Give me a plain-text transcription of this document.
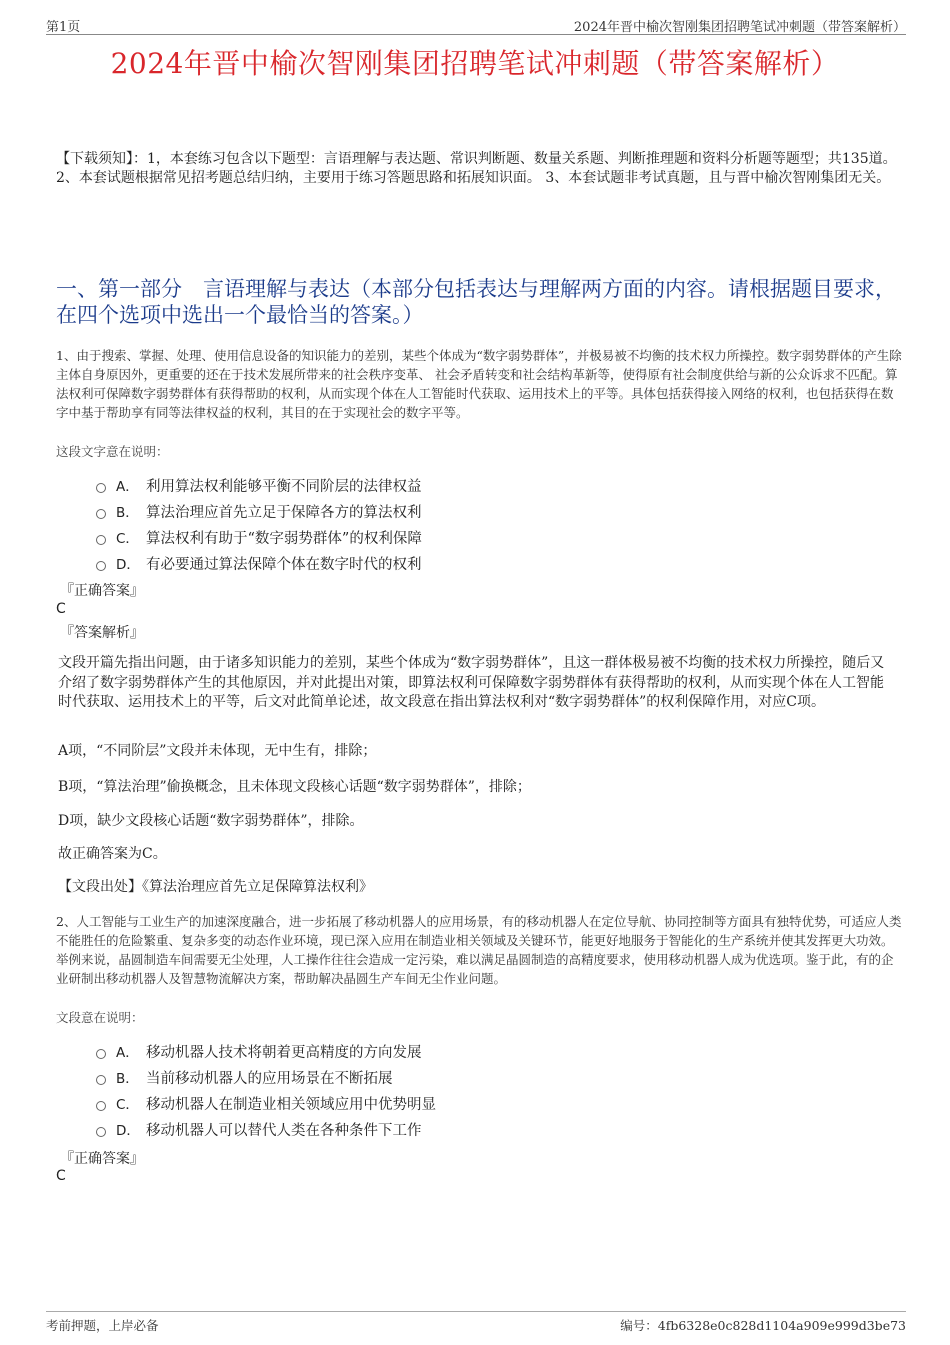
第1页	2024年晋中榆次智刚集团招聘笔试冲刺题（带答案解析）
2024年晋中榆次智刚集团招聘笔试冲刺题（带答案解析）
【下载须知】：1，本套练习包含以下题型：言语理解与表达题、常识判断题、数量关系题、判断推理题和资料分析题等题型；共135道。 2、本套试题根据常见招考题总结归纳，主要用于练习答题思路和拓展知识面。 3、本套试题非考试真题，且与晋中榆次智刚集团无关。
一、第一部分　言语理解与表达（本部分包括表达与理解两方面的内容。请根据题目要求，在四个选项中选出一个最恰当的答案。）
1、由于搜索、掌握、处理、使用信息设备的知识能力的差别，某些个体成为“数字弱势群体”，并极易被不均衡的技术权力所操控。数字弱势群体的产生除主体自身原因外，更重要的还在于技术发展所带来的社会秩序变革、 社会矛盾转变和社会结构革新等，使得原有社会制度供给与新的公众诉求不匹配。算法权利可保障数字弱势群体有获得帮助的权利，从而实现个体在人工智能时代获取、运用技术上的平等。具体包括获得接入网络的权利，也包括获得在数字中基于帮助享有同等法律权益的权利，其目的在于实现社会的数字平等。
这段文字意在说明：
A． 利用算法权利能够平衡不同阶层的法律权益
B． 算法治理应首先立足于保障各方的算法权利
C． 算法权利有助于“数字弱势群体”的权利保障
D． 有必要通过算法保障个体在数字时代的权利
『正确答案』
C
『答案解析』
文段开篇先指出问题，由于诸多知识能力的差别，某些个体成为“数字弱势群体”，且这一群体极易被不均衡的技术权力所操控，随后又介绍了数字弱势群体产生的其他原因，并对此提出对策，即算法权利可保障数字弱势群体有获得帮助的权利，从而实现个体在人工智能时代获取、运用技术上的平等，后文对此简单论述，故文段意在指出算法权利对“数字弱势群体”的权利保障作用，对应C项。
A项，“不同阶层”文段并未体现，无中生有，排除；
B项，“算法治理”偷换概念，且未体现文段核心话题“数字弱势群体”，排除；
D项，缺少文段核心话题“数字弱势群体”，排除。
故正确答案为C。
【文段出处】《算法治理应首先立足保障算法权利》
2、人工智能与工业生产的加速深度融合，进一步拓展了移动机器人的应用场景，有的移动机器人在定位导航、协同控制等方面具有独特优势，可适应人类不能胜任的危险繁重、复杂多变的动态作业环境，现已深入应用在制造业相关领域及关键环节，能更好地服务于智能化的生产系统并使其发挥更大功效。举例来说，晶圆制造车间需要无尘处理，人工操作往往会造成一定污染，难以满足晶圆制造的高精度要求，使用移动机器人成为优选项。鉴于此，有的企业研制出移动机器人及智慧物流解决方案，帮助解决晶圆生产车间无尘作业问题。
文段意在说明：
A． 移动机器人技术将朝着更高精度的方向发展
B． 当前移动机器人的应用场景在不断拓展
C． 移动机器人在制造业相关领域应用中优势明显
D． 移动机器人可以替代人类在各种条件下工作
『正确答案』
C
考前押题，上岸必备	编号：4fb6328e0c828d1104a909e999d3be73
